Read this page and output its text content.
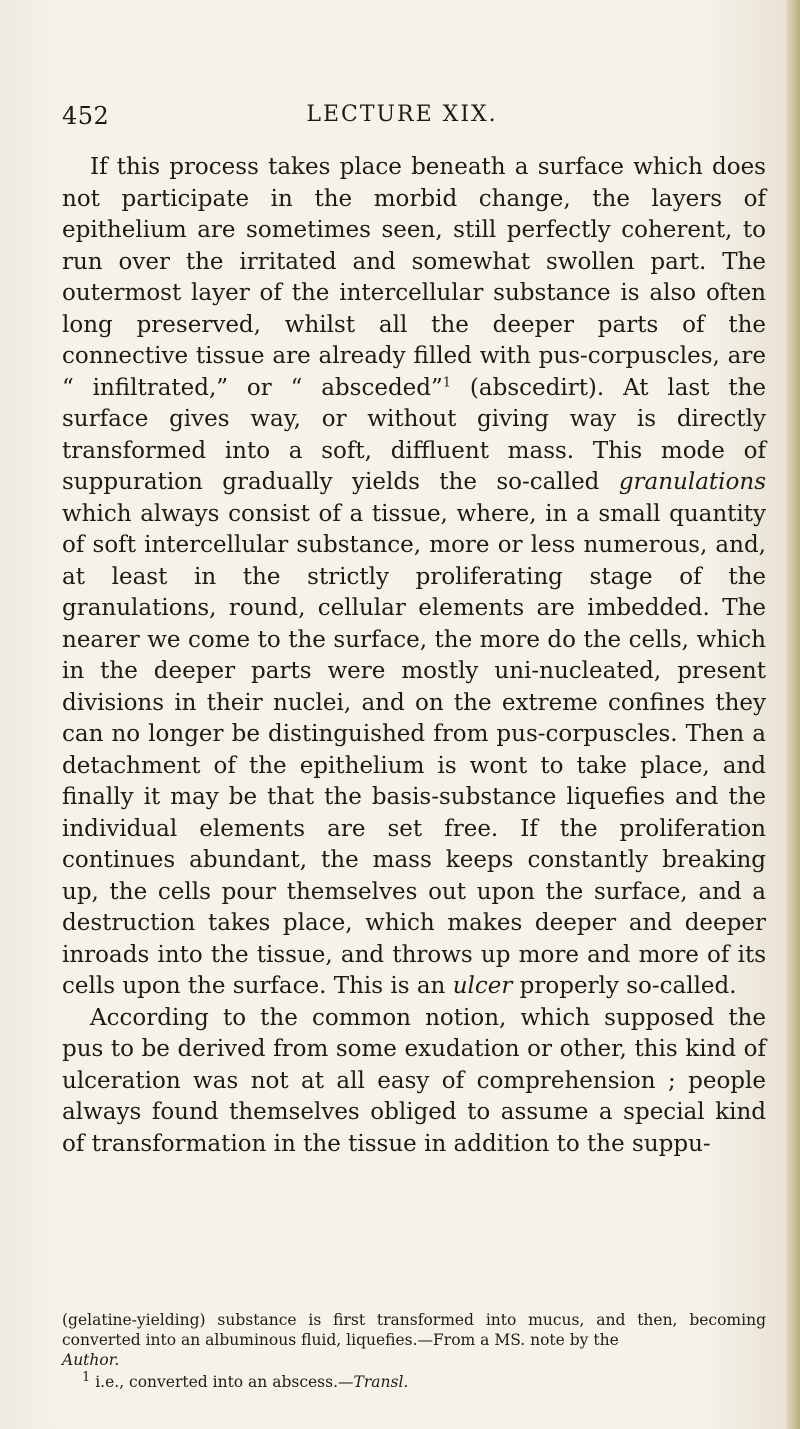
452	LECTURE XIX.

If this process takes place beneath a surface which does not participate in the morbid change, the layers of epithelium are sometimes seen, still perfectly coherent, to run over the irritated and somewhat swollen part. The outermost layer of the intercellular substance is also often long preserved, whilst all the deeper parts of the connective tissue are already filled with pus-corpuscles, are “ infiltrated,” or “ absceded”$^1$ (abscedirt). At last the surface gives way, or without giving way is directly transformed into a soft, diffluent mass. This mode of suppuration gradually yields the so-called granulations which always consist of a tissue, where, in a small quantity of soft intercellular substance, more or less numerous, and, at least in the strictly proliferating stage of the granulations, round, cellular elements are imbedded. The nearer we come to the surface, the more do the cells, which in the deeper parts were mostly uni-nucleated, present divisions in their nuclei, and on the extreme confines they can no longer be distinguished from pus-corpuscles. Then a detachment of the epithelium is wont to take place, and finally it may be that the basis-substance liquefies and the individual elements are set free. If the proliferation continues abundant, the mass keeps constantly breaking up, the cells pour themselves out upon the surface, and a destruction takes place, which makes deeper and deeper inroads into the tissue, and throws up more and more of its cells upon the surface. This is an ulcer properly so-called.

According to the common notion, which supposed the pus to be derived from some exudation or other, this kind of ulceration was not at all easy of comprehension ; people always found themselves obliged to assume a special kind of transformation in the tissue in addition to the suppu-

(gelatine-yielding) substance is first transformed into mucus, and then, becoming converted into an albuminous fluid, liquefies.—From a MS. note by the
Author.

$^1$ i.e., converted into an abscess.—Transl.
